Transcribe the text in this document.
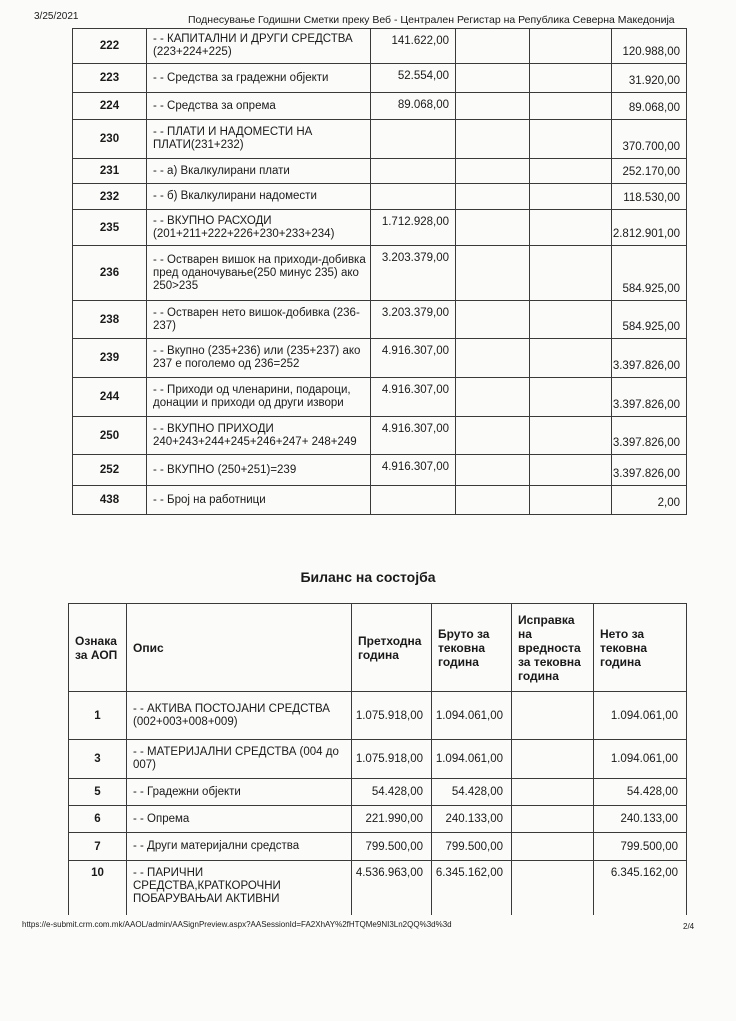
3/25/2021	Поднесување Годишни Сметки преку Веб - Централен Регистар на Република Северна Македонија
222	- - КАПИТАЛНИ И ДРУГИ СРЕДСТВА (223+224+225)	141.622,00			120.988,00
223	- - Средства за градежни објекти	52.554,00			31.920,00
224	- - Средства за опрема	89.068,00			89.068,00
230	- - ПЛАТИ И НАДОМЕСТИ НА ПЛАТИ(231+232)				370.700,00
231	- - а) Вкалкулирани плати				252.170,00
232	- - б) Вкалкулирани надомести				118.530,00
235	- - ВКУПНО РАСХОДИ (201+211+222+226+230+233+234)	1.712.928,00			2.812.901,00
236	- - Остварен вишок на приходи-добивка пред оданочување(250 минус 235) ако 250>235	3.203.379,00			584.925,00
238	- - Остварен нето вишок-добивка (236-237)	3.203.379,00			584.925,00
239	- - Вкупно (235+236) или (235+237) ако 237 е поголемо од 236=252	4.916.307,00			3.397.826,00
244	- - Приходи од членарини, подароци, донации и приходи од други извори	4.916.307,00			3.397.826,00
250	- - ВКУПНО ПРИХОДИ 240+243+244+245+246+247+ 248+249	4.916.307,00			3.397.826,00
252	- - ВКУПНО (250+251)=239	4.916.307,00			3.397.826,00
438	- - Број на работници				2,00
Биланс на состојба
Ознака за АОП	Опис	Претходна година	Бруто за тековна година	Исправка на вредноста за тековна година	Нето за тековна година
1	- - АКТИВА ПОСТОЈАНИ СРЕДСТВА (002+003+008+009)	1.075.918,00	1.094.061,00		1.094.061,00
3	- - МАТЕРИЈАЛНИ СРЕДСТВА (004 до 007)	1.075.918,00	1.094.061,00		1.094.061,00
5	- - Градежни објекти	54.428,00	54.428,00		54.428,00
6	- - Опрема	221.990,00	240.133,00		240.133,00
7	- - Други материјални средства	799.500,00	799.500,00		799.500,00
10	- - ПАРИЧНИ СРЕДСТВА,КРАТКОРОЧНИ ПОБАРУВАЊАИ АКТИВНИ	4.536.963,00	6.345.162,00		6.345.162,00
https://e-submit.crm.com.mk/AAOL/admin/AASignPreview.aspx?AASessionId=FA2XhAY%2fHTQMe9NI3Ln2QQ%3d%3d	2/4
